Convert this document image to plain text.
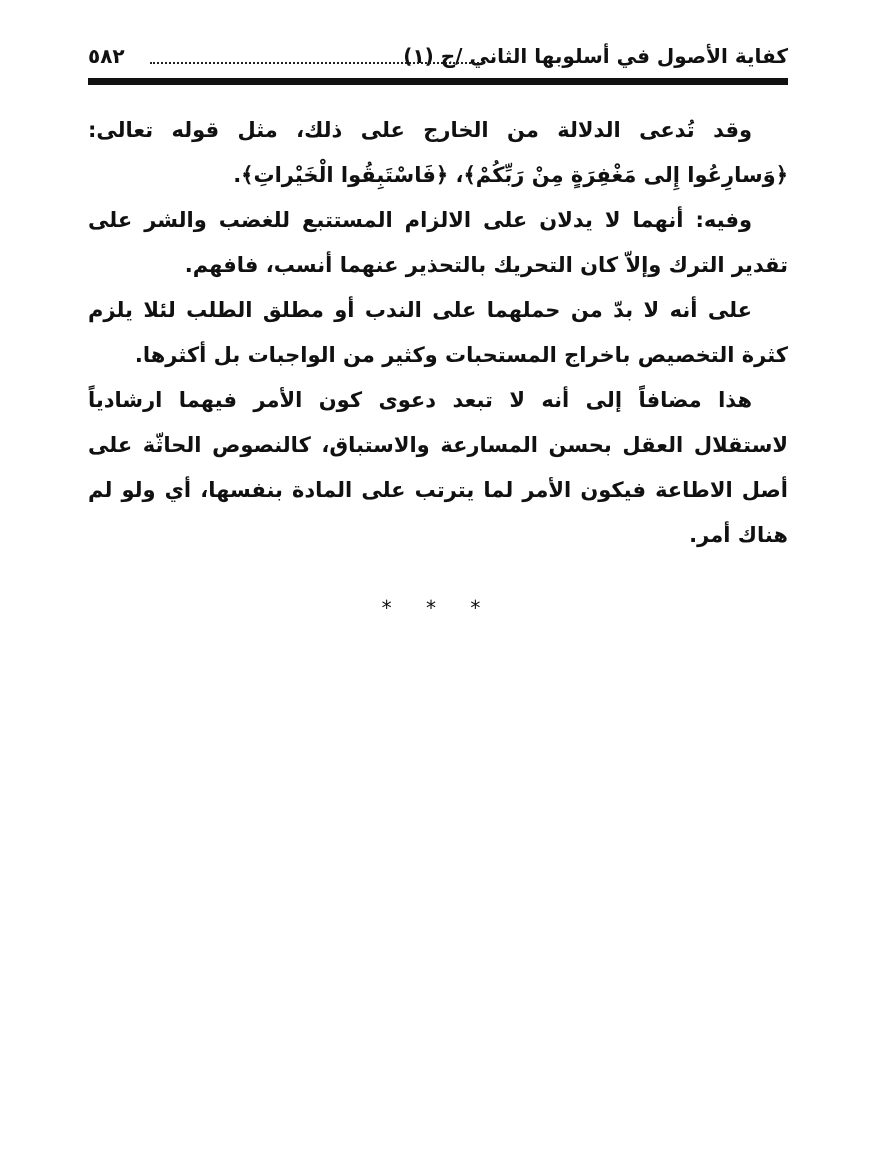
كفاية الأصول في أسلوبها الثاني /ج (١)
٥٨٢

وقد تُدعى الدلالة من الخارج على ذلك، مثل قوله تعالى: ﴿وَسارِعُوا إِلى مَغْفِرَةٍ مِنْ رَبِّكُمْ﴾، ﴿فَاسْتَبِقُوا الْخَيْراتِ﴾.

وفيه: أنهما لا يدلان على الالزام المستتبع للغضب والشر على تقدير الترك وإلاّ كان التحريك بالتحذير عنهما أنسب، فافهم.

على أنه لا بدّ من حملهما على الندب أو مطلق الطلب لئلا يلزم كثرة التخصيص باخراج المستحبات وكثير من الواجبات بل أكثرها.

هذا مضافاً إلى أنه لا تبعد دعوى كون الأمر فيهما ارشادياً لاستقلال العقل بحسن المسارعة والاستباق، كالنصوص الحاثّة على أصل الاطاعة فيكون الأمر لما يترتب على المادة بنفسها، أي ولو لم هناك أمر.

* * *
